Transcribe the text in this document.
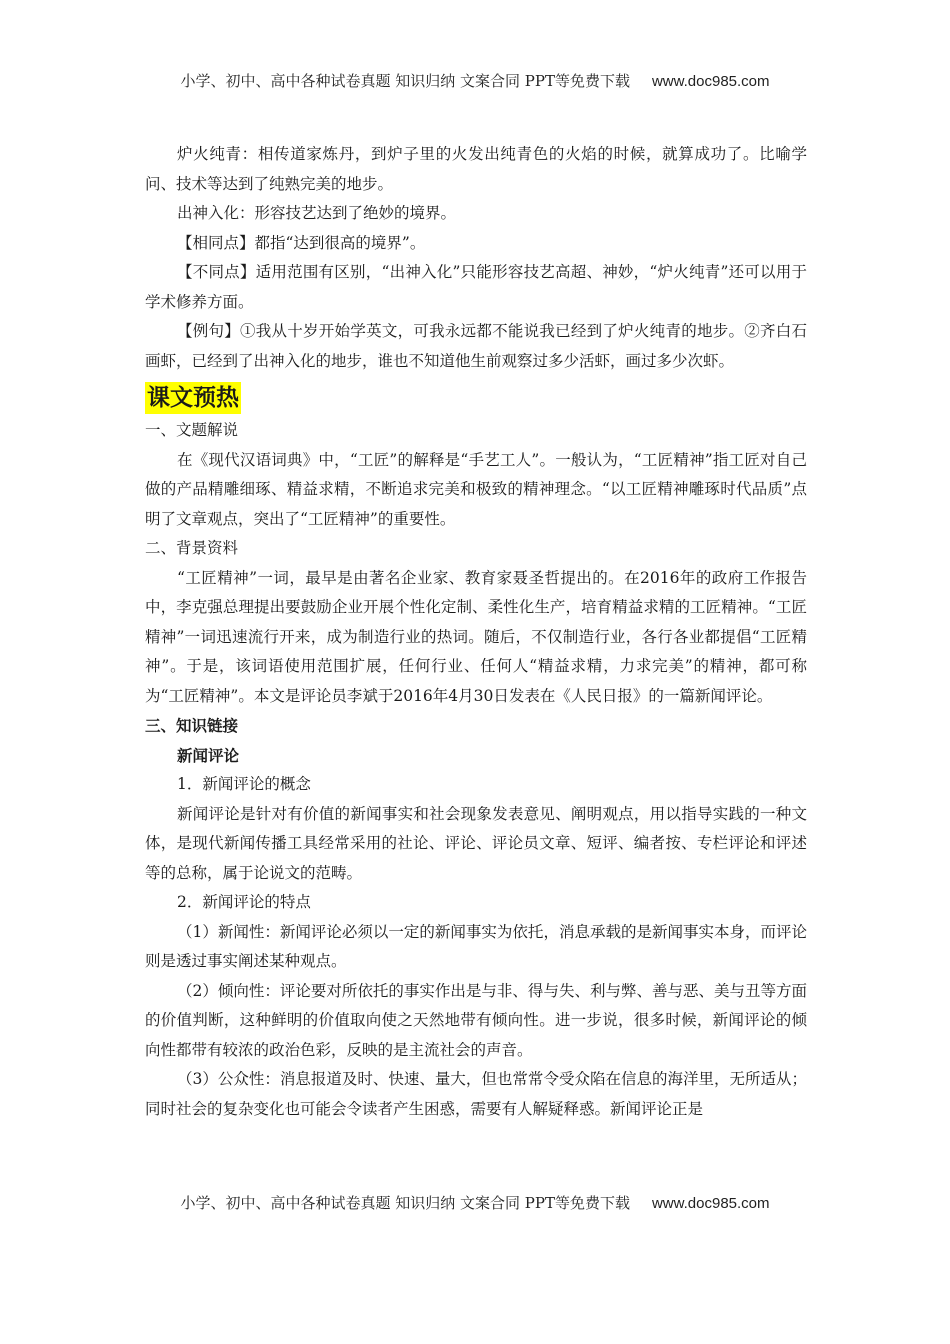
小学、初中、高中各种试卷真题 知识归纳 文案合同 PPT等免费下载 www.doc985.com

炉火纯青：相传道家炼丹，到炉子里的火发出纯青色的火焰的时候，就算成功了。比喻学问、技术等达到了纯熟完美的地步。

出神入化：形容技艺达到了绝妙的境界。

【相同点】都指“达到很高的境界”。

【不同点】适用范围有区别，“出神入化”只能形容技艺高超、神妙，“炉火纯青”还可以用于学术修养方面。

【例句】①我从十岁开始学英文，可我永远都不能说我已经到了炉火纯青的地步。②齐白石画虾，已经到了出神入化的地步，谁也不知道他生前观察过多少活虾，画过多少次虾。

课文预热

一、文题解说

在《现代汉语词典》中，“工匠”的解释是“手艺工人”。一般认为，“工匠精神”指工匠对自己做的产品精雕细琢、精益求精，不断追求完美和极致的精神理念。“以工匠精神雕琢时代品质”点明了文章观点，突出了“工匠精神”的重要性。

二、背景资料

“工匠精神”一词，最早是由著名企业家、教育家聂圣哲提出的。在2016年的政府工作报告中，李克强总理提出要鼓励企业开展个性化定制、柔性化生产，培育精益求精的工匠精神。“工匠精神”一词迅速流行开来，成为制造行业的热词。随后，不仅制造行业，各行各业都提倡“工匠精神”。于是，该词语使用范围扩展，任何行业、任何人“精益求精，力求完美”的精神，都可称为“工匠精神”。本文是评论员李斌于2016年4月30日发表在《人民日报》的一篇新闻评论。

三、知识链接

新闻评论

1．新闻评论的概念

新闻评论是针对有价值的新闻事实和社会现象发表意见、阐明观点，用以指导实践的一种文体，是现代新闻传播工具经常采用的社论、评论、评论员文章、短评、编者按、专栏评论和评述等的总称，属于论说文的范畴。

2．新闻评论的特点

（1）新闻性：新闻评论必须以一定的新闻事实为依托，消息承载的是新闻事实本身，而评论则是透过事实阐述某种观点。

（2）倾向性：评论要对所依托的事实作出是与非、得与失、利与弊、善与恶、美与丑等方面的价值判断，这种鲜明的价值取向使之天然地带有倾向性。进一步说，很多时候，新闻评论的倾向性都带有较浓的政治色彩，反映的是主流社会的声音。

（3）公众性：消息报道及时、快速、量大，但也常常令受众陷在信息的海洋里，无所适从；同时社会的复杂变化也可能会令读者产生困惑，需要有人解疑释惑。新闻评论正是

小学、初中、高中各种试卷真题 知识归纳 文案合同 PPT等免费下载 www.doc985.com
